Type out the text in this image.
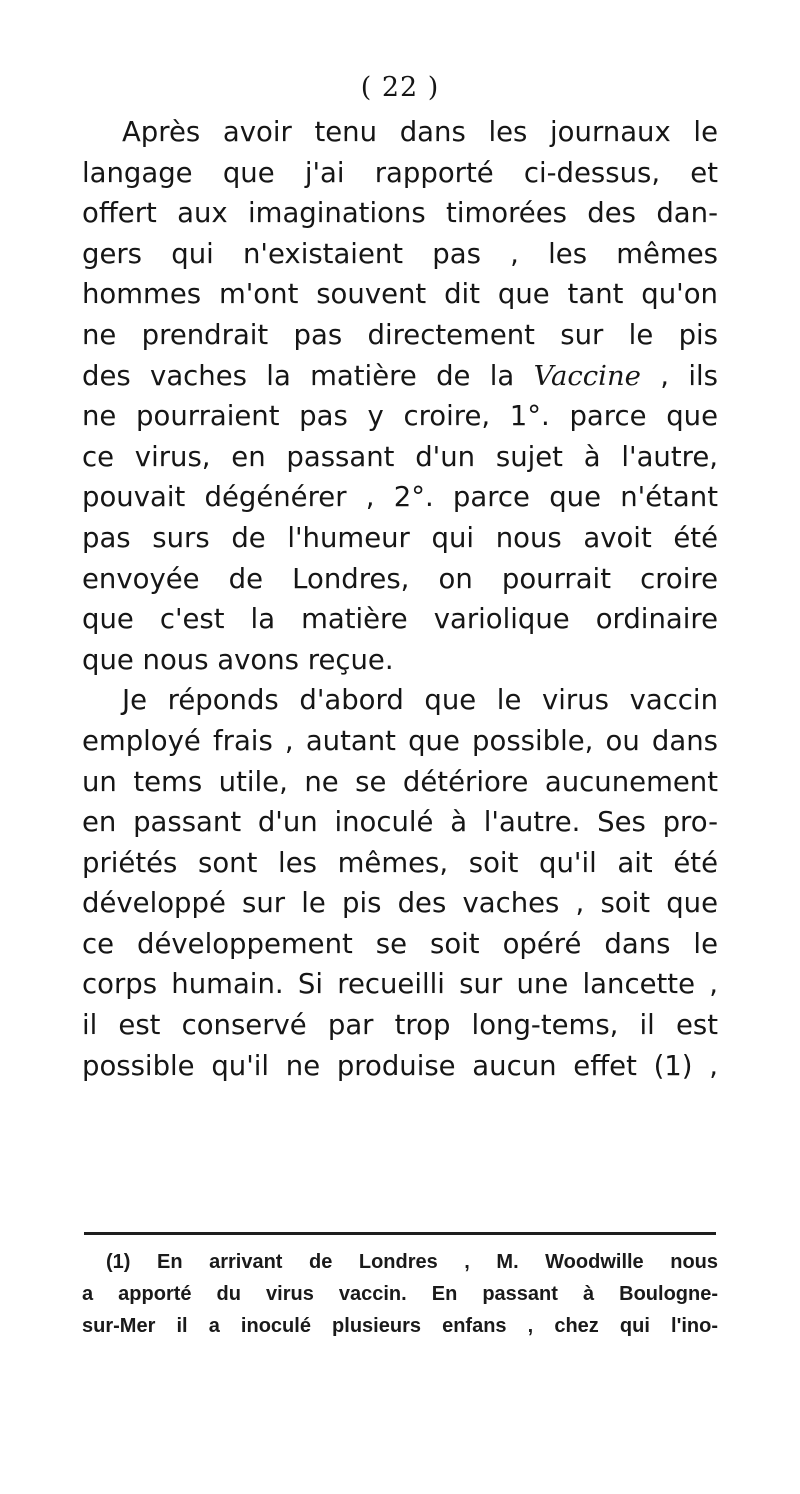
( 22 )
Après avoir tenu dans les journaux le
langage que j'ai rapporté ci-dessus, et
offert aux imaginations timorées des dan-
gers qui n'existaient pas , les mêmes
hommes m'ont souvent dit que tant qu'on
ne prendrait pas directement sur le pis
des vaches la matière de la Vaccine , ils
ne pourraient pas y croire, 1°. parce que
ce virus, en passant d'un sujet à l'autre,
pouvait dégénérer , 2°. parce que n'étant
pas surs de l'humeur qui nous avoit été
envoyée de Londres, on pourrait croire
que c'est la matière variolique ordinaire
que nous avons reçue.
Je réponds d'abord que le virus vaccin
employé frais , autant que possible, ou dans
un tems utile, ne se détériore aucunement
en passant d'un inoculé à l'autre. Ses pro-
priétés sont les mêmes, soit qu'il ait été
développé sur le pis des vaches , soit que
ce développement se soit opéré dans le
corps humain. Si recueilli sur une lancette ,
il est conservé par trop long-tems, il est
possible qu'il ne produise aucun effet (1) ,
(1) En arrivant de Londres , M. Woodwille nous
a apporté du virus vaccin. En passant à Boulogne-
sur-Mer il a inoculé plusieurs enfans , chez qui l'ino-
